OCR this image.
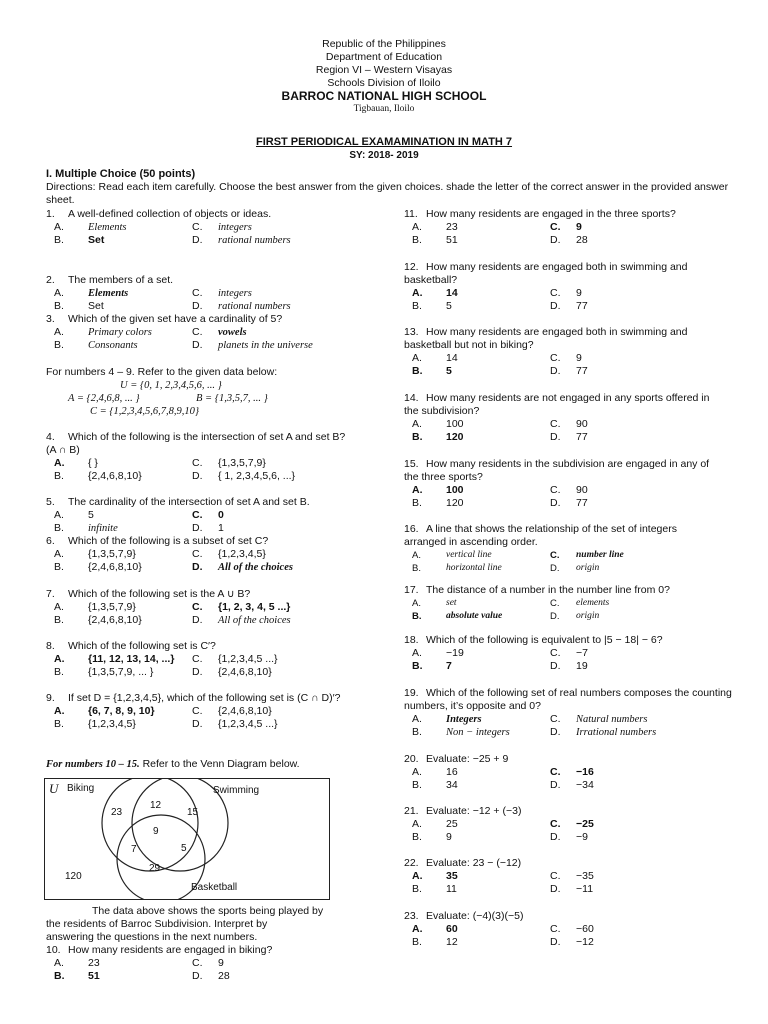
Republic of the Philippines
Department of Education
Region VI – Western Visayas
Schools Division of Iloilo
BARROC NATIONAL HIGH SCHOOL
Tigbauan, Iloilo
FIRST PERIODICAL EXAMAMINATION IN MATH 7
SY: 2018- 2019
I. Multiple Choice (50 points)
Directions: Read each item carefully. Choose the best answer from the given choices. shade the letter of the correct answer in the provided answer sheet.
1. A well-defined collection of objects or ideas.
A.	Elements	C.	integers
B.	Set	D.	rational numbers
2. The members of a set.
A.	Elements	C.	integers
B.	Set	D.	rational numbers
3. Which of the given set have a cardinality of 5?
A.	Primary colors	C.	vowels
B.	Consonants	D.	planets in the universe
For numbers 4 – 9. Refer to the given data below:
U = {0, 1, 2,3,4,5,6, ... }
A = {2,4,6,8, ... }	B = {1,3,5,7, ... }
C = {1,2,3,4,5,6,7,8,9,10}
4. Which of the following is the intersection of set A and set B? (A ∩ B)
A.	{ }	C.	{1,3,5,7,9}
B.	{2,4,6,8,10}	D.	{ 1, 2,3,4,5,6, ...}
5. The cardinality of the intersection of set A and set B.
A.	5	C.	0
B.	infinite	D.	1
6. Which of the following is a subset of set C?
A.	{1,3,5,7,9}	C.	{1,2,3,4,5}
B.	{2,4,6,8,10}	D.	All of the choices
7. Which of the following set is the A ∪ B?
A.	{1,3,5,7,9}	C.	{1, 2, 3, 4, 5 ...}
B.	{2,4,6,8,10}	D.	All of the choices
8. Which of the following set is C′?
A.	{11, 12, 13, 14, ...}	C.	{1,2,3,4,5 ...}
B.	{1,3,5,7,9, ... }	D.	{2,4,6,8,10}
9. If set D = {1,2,3,4,5}, which of the following set is (C ∩ D)′?
A.	{6, 7, 8, 9, 10}	C.	{2,4,6,8,10}
B.	{1,2,3,4,5}	D.	{1,2,3,4,5 ...}
For numbers 10 – 15. Refer to the Venn Diagram below.
U Biking	Swimming
Basketball
23
12
15
9
7	5
29
120
The data above shows the sports being played by
the residents of Barroc Subdivision. Interpret by
answering the questions in the next numbers.
10. How many residents are engaged in biking?
A.	23	C.	9
B.	51	D.	28
11. How many residents are engaged in the three sports?
A.	23	C.	9
B.	51	D.	28
12. How many residents are engaged both in swimming and basketball?
A.	14	C.	9
B.	5	D.	77
13. How many residents are engaged both in swimming and basketball but not in biking?
A.	14	C.	9
B.	5	D.	77
14. How many residents are not engaged in any sports offered in the subdivision?
A.	100	C.	90
B.	120	D.	77
15. How many residents in the subdivision are engaged in any of the three sports?
A.	100	C.	90
B.	120	D.	77
16. A line that shows the relationship of the set of integers arranged in ascending order.
A.	vertical line	C.	number line
B.	horizontal line	D.	origin
17. The distance of a number in the number line from 0?
A.	set	C.	elements
B.	absolute value	D.	origin
18. Which of the following is equivalent to |5 − 18| − 6?
A.	−19	C.	−7
B.	7	D.	19
19. Which of the following set of real numbers composes the counting numbers, it’s opposite and 0?
A.	Integers	C.	Natural numbers
B.	Non − integers	D.	Irrational numbers
20. Evaluate: −25 + 9
A.	16	C.	−16
B.	34	D.	−34
21. Evaluate: −12 + (−3)
A.	25	C.	−25
B.	9	D.	−9
22. Evaluate: 23 − (−12)
A.	35	C.	−35
B.	11	D.	−11
23. Evaluate: (−4)(3)(−5)
A.	60	C.	−60
B.	12	D.	−12
